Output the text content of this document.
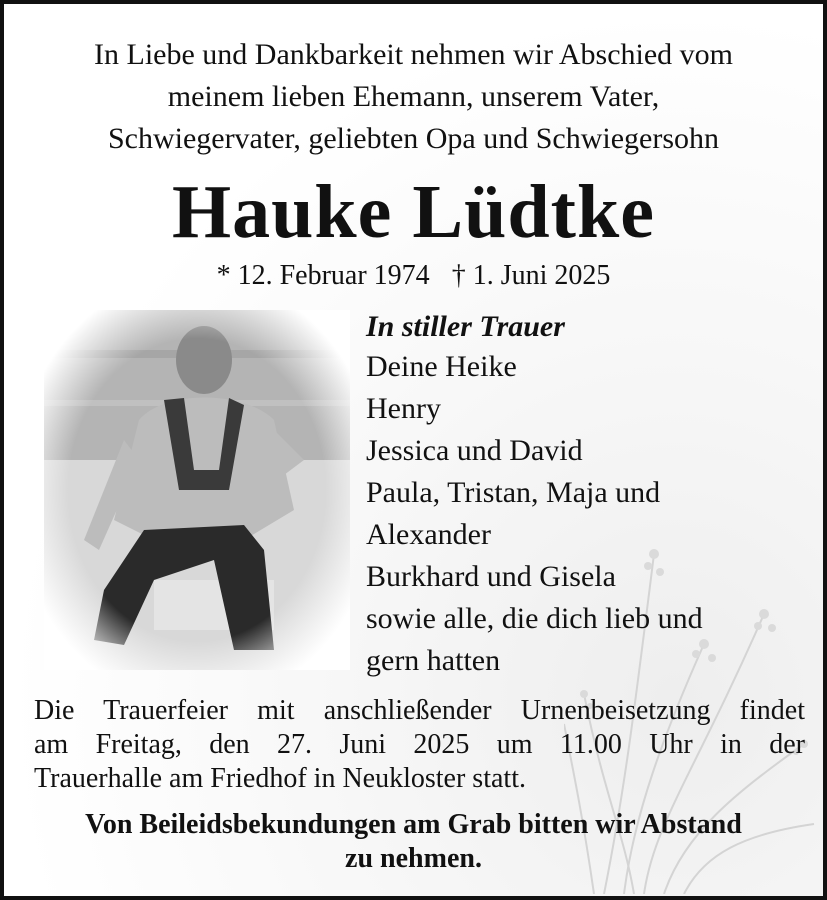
In Liebe und Dankbarkeit nehmen wir Abschied vom
meinem lieben Ehemann, unserem Vater,
Schwiegervater, geliebten Opa und Schwiegersohn
Hauke Lüdtke
* 12. Februar 1974 † 1. Juni 2025
In stiller Trauer
Deine Heike
Henry
Jessica und David
Paula, Tristan, Maja und
Alexander
Burkhard und Gisela
sowie alle, die dich lieb und
gern hatten
Die Trauerfeier mit anschließender Urnenbeisetzung findet
am Freitag, den 27. Juni 2025 um 11.00 Uhr in der
Trauerhalle am Friedhof in Neukloster statt.
Von Beileidsbekundungen am Grab bitten wir Abstand
zu nehmen.
